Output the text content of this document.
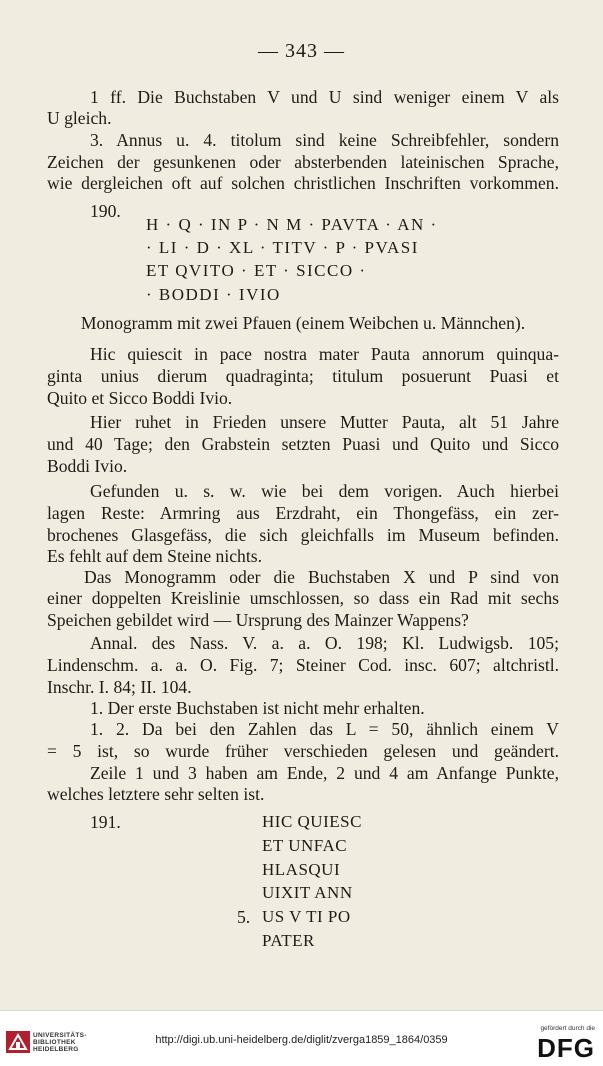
— 343 —
1 ff. Die Buchstaben V und U sind weniger einem V als
U gleich.
3. Annus u. 4. titolum sind keine Schreibfehler, sondern
Zeichen der gesunkenen oder absterbenden lateinischen Sprache,
wie dergleichen oft auf solchen christlichen Inschriften vorkommen.
190.
H · Q · IN P · N M · PAVTA · AN ·
· LI · D · XL · TITV · P · PVASI
ET QVITO · ET · SICCO ·
· BODDI · IVIO
Monogramm mit zwei Pfauen (einem Weibchen u. Männchen).
Hic quiescit in pace nostra mater Pauta annorum quinqua-
ginta unius dierum quadraginta; titulum posuerunt Puasi et
Quito et Sicco Boddi Ivio.
Hier ruhet in Frieden unsere Mutter Pauta, alt 51 Jahre
und 40 Tage; den Grabstein setzten Puasi und Quito und Sicco
Boddi Ivio.
Gefunden u. s. w. wie bei dem vorigen. Auch hierbei
lagen Reste: Armring aus Erzdraht, ein Thongefäss, ein zer-
brochenes Glasgefäss, die sich gleichfalls im Museum befinden.
Es fehlt auf dem Steine nichts.
Das Monogramm oder die Buchstaben X und P sind von
einer doppelten Kreislinie umschlossen, so dass ein Rad mit sechs
Speichen gebildet wird — Ursprung des Mainzer Wappens?
Annal. des Nass. V. a. a. O. 198; Kl. Ludwigsb. 105;
Lindenschm. a. a. O. Fig. 7; Steiner Cod. insc. 607; altchristl.
Inschr. I. 84; II. 104.
1. Der erste Buchstaben ist nicht mehr erhalten.
1. 2. Da bei den Zahlen das L = 50, ähnlich einem V
= 5 ist, so wurde früher verschieden gelesen und geändert.
Zeile 1 und 3 haben am Ende, 2 und 4 am Anfange Punkte,
welches letztere sehr selten ist.
191.	HIC QUIESC
ET UNFAC
HLASQUI
UIXIT ANN
5. US V TI PO
PATER
UNIVERSITÄTS-
BIBLIOTHEK
HEIDELBERG
http://digi.ub.uni-heidelberg.de/diglit/zverga1859_1864/0359
gefördert durch die
DFG
